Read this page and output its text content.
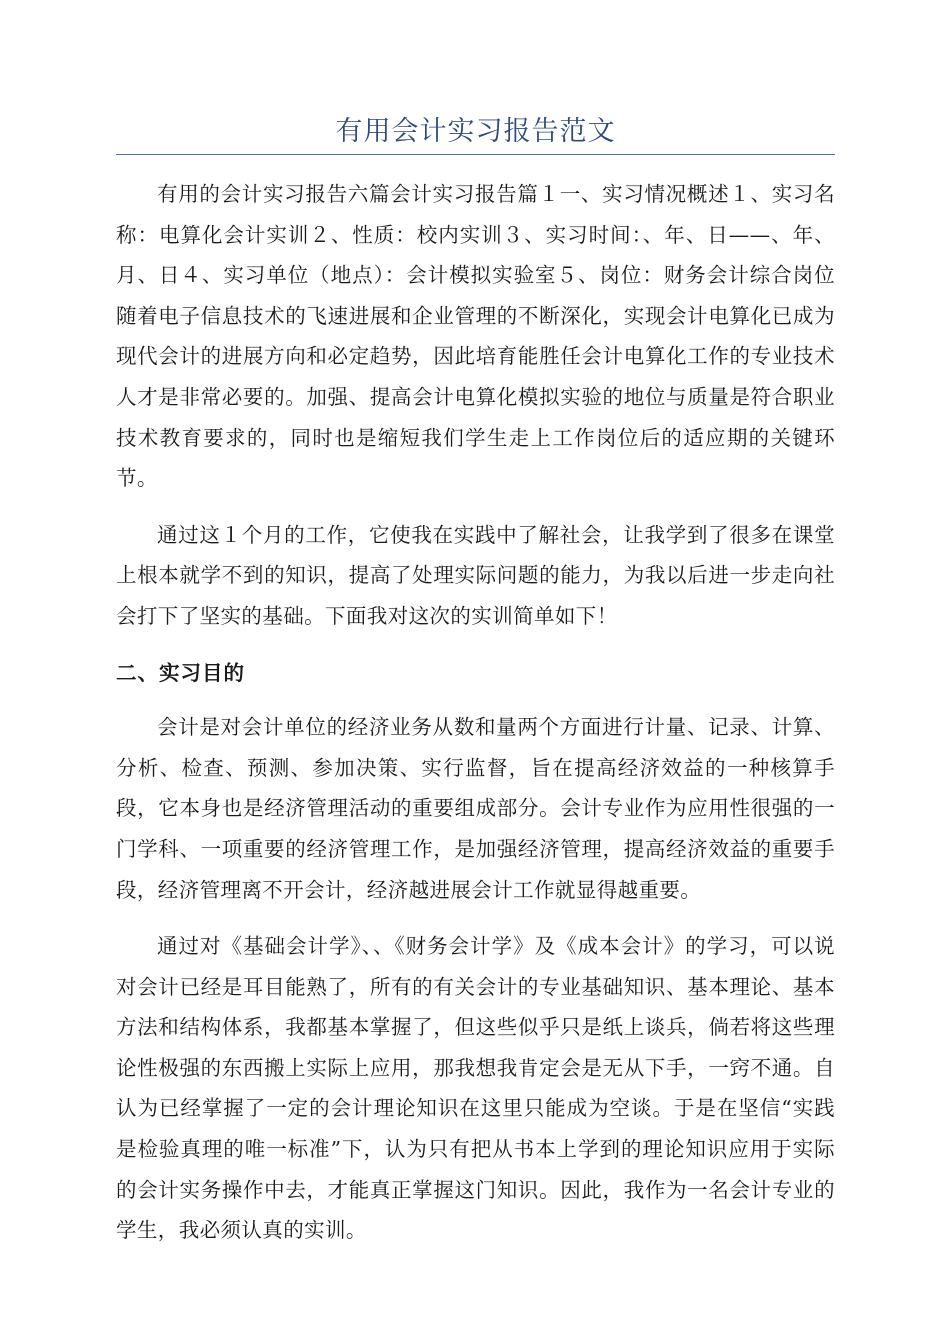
有用会计实习报告范文

有用的会计实习报告六篇会计实习报告篇１一、实习情况概述１、实习名称：电算化会计实训２、性质：校内实训３、实习时间：、年、日——、年、月、日４、实习单位（地点）：会计模拟实验室５、岗位：财务会计综合岗位随着电子信息技术的飞速进展和企业管理的不断深化，实现会计电算化已成为现代会计的进展方向和必定趋势，因此培育能胜任会计电算化工作的专业技术人才是非常必要的。加强、提高会计电算化模拟实验的地位与质量是符合职业技术教育要求的，同时也是缩短我们学生走上工作岗位后的适应期的关键环节。

通过这１个月的工作，它使我在实践中了解社会，让我学到了很多在课堂上根本就学不到的知识，提高了处理实际问题的能力，为我以后进一步走向社会打下了坚实的基础。下面我对这次的实训简单如下！

二、实习目的

会计是对会计单位的经济业务从数和量两个方面进行计量、记录、计算、分析、检查、预测、参加决策、实行监督，旨在提高经济效益的一种核算手段，它本身也是经济管理活动的重要组成部分。会计专业作为应用性很强的一门学科、一项重要的经济管理工作，是加强经济管理，提高经济效益的重要手段，经济管理离不开会计，经济越进展会计工作就显得越重要。

通过对《基础会计学》、、《财务会计学》及《成本会计》的学习，可以说对会计已经是耳目能熟了，所有的有关会计的专业基础知识、基本理论、基本方法和结构体系，我都基本掌握了，但这些似乎只是纸上谈兵，倘若将这些理论性极强的东西搬上实际上应用，那我想我肯定会是无从下手，一窍不通。自认为已经掌握了一定的会计理论知识在这里只能成为空谈。于是在坚信“实践是检验真理的唯一标准”下，认为只有把从书本上学到的理论知识应用于实际的会计实务操作中去，才能真正掌握这门知识。因此，我作为一名会计专业的学生，我必须认真的实训。
